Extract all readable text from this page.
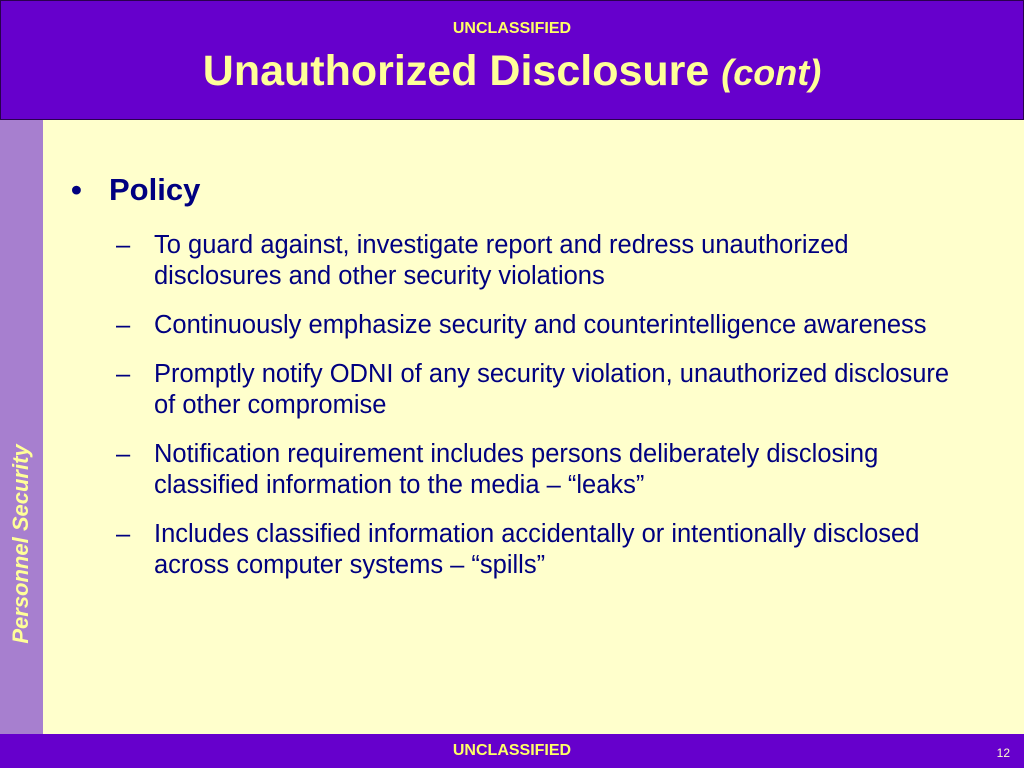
UNCLASSIFIED
Unauthorized Disclosure (cont)
Personnel Security
• Policy
– To guard against, investigate report and redress unauthorized disclosures and other security violations
– Continuously emphasize security and counterintelligence awareness
– Promptly notify ODNI of any security violation, unauthorized disclosure of other compromise
– Notification requirement includes persons deliberately disclosing classified information to the media – “leaks”
– Includes classified information accidentally or intentionally disclosed across computer systems – “spills”
UNCLASSIFIED	12
